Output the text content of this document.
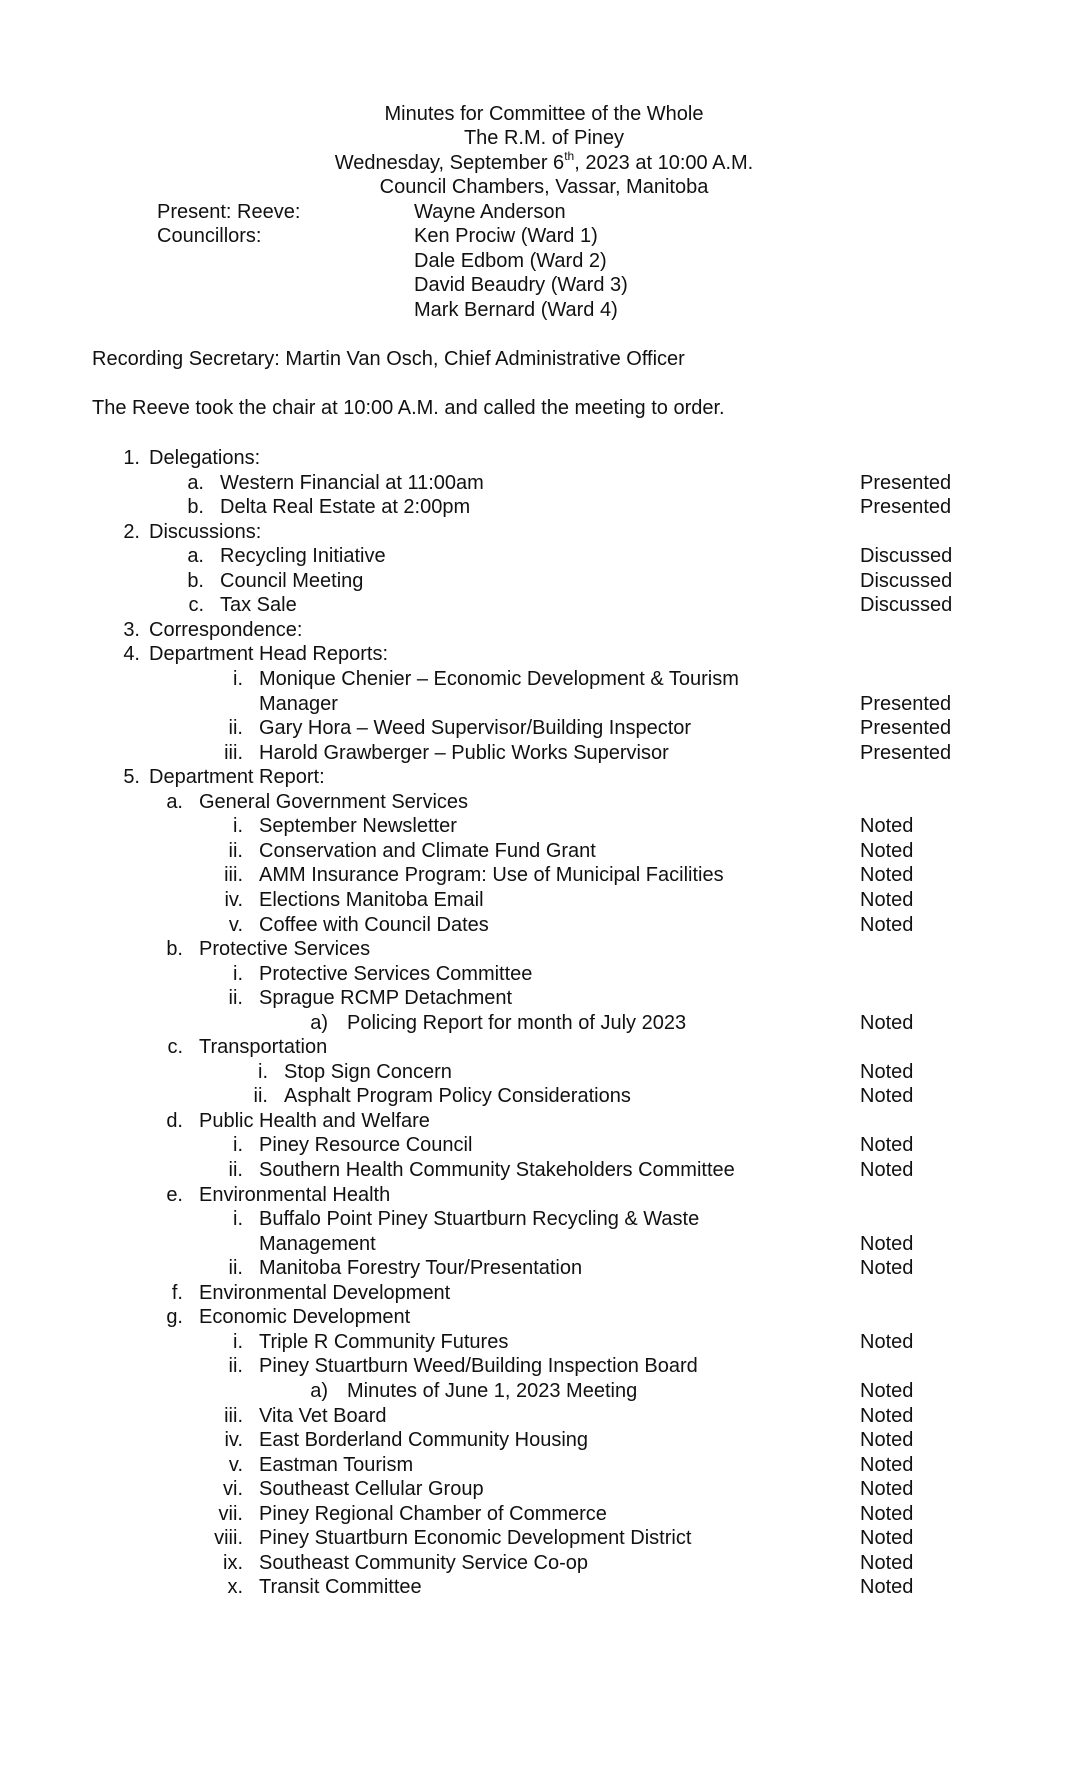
Minutes for Committee of the Whole
The R.M. of Piney
Wednesday, September 6th, 2023 at 10:00 A.M.
Council Chambers, Vassar, Manitoba
Present: Reeve:	Wayne Anderson
Councillors:	Ken Prociw (Ward 1)
Dale Edbom (Ward 2)
David Beaudry (Ward 3)
Mark Bernard (Ward 4)
Recording Secretary: Martin Van Osch, Chief Administrative Officer
The Reeve took the chair at 10:00 A.M. and called the meeting to order.
1. Delegations:
a. Western Financial at 11:00am	Presented
b. Delta Real Estate at 2:00pm	Presented
2. Discussions:
a. Recycling Initiative	Discussed
b. Council Meeting	Discussed
c. Tax Sale	Discussed
3. Correspondence:
4. Department Head Reports:
i. Monique Chenier – Economic Development & Tourism
Manager	Presented
ii. Gary Hora – Weed Supervisor/Building Inspector	Presented
iii. Harold Grawberger – Public Works Supervisor	Presented
5. Department Report:
a. General Government Services
i. September Newsletter	Noted
ii. Conservation and Climate Fund Grant	Noted
iii. AMM Insurance Program: Use of Municipal Facilities	Noted
iv. Elections Manitoba Email	Noted
v. Coffee with Council Dates	Noted
b. Protective Services
i. Protective Services Committee
ii. Sprague RCMP Detachment
a) Policing Report for month of July 2023	Noted
c. Transportation
i. Stop Sign Concern	Noted
ii. Asphalt Program Policy Considerations	Noted
d. Public Health and Welfare
i. Piney Resource Council	Noted
ii. Southern Health Community Stakeholders Committee	Noted
e. Environmental Health
i. Buffalo Point Piney Stuartburn Recycling & Waste
Management	Noted
ii. Manitoba Forestry Tour/Presentation	Noted
f. Environmental Development
g. Economic Development
i. Triple R Community Futures	Noted
ii. Piney Stuartburn Weed/Building Inspection Board
a) Minutes of June 1, 2023 Meeting	Noted
iii. Vita Vet Board	Noted
iv. East Borderland Community Housing	Noted
v. Eastman Tourism	Noted
vi. Southeast Cellular Group	Noted
vii. Piney Regional Chamber of Commerce	Noted
viii. Piney Stuartburn Economic Development District	Noted
ix. Southeast Community Service Co-op	Noted
x. Transit Committee	Noted
